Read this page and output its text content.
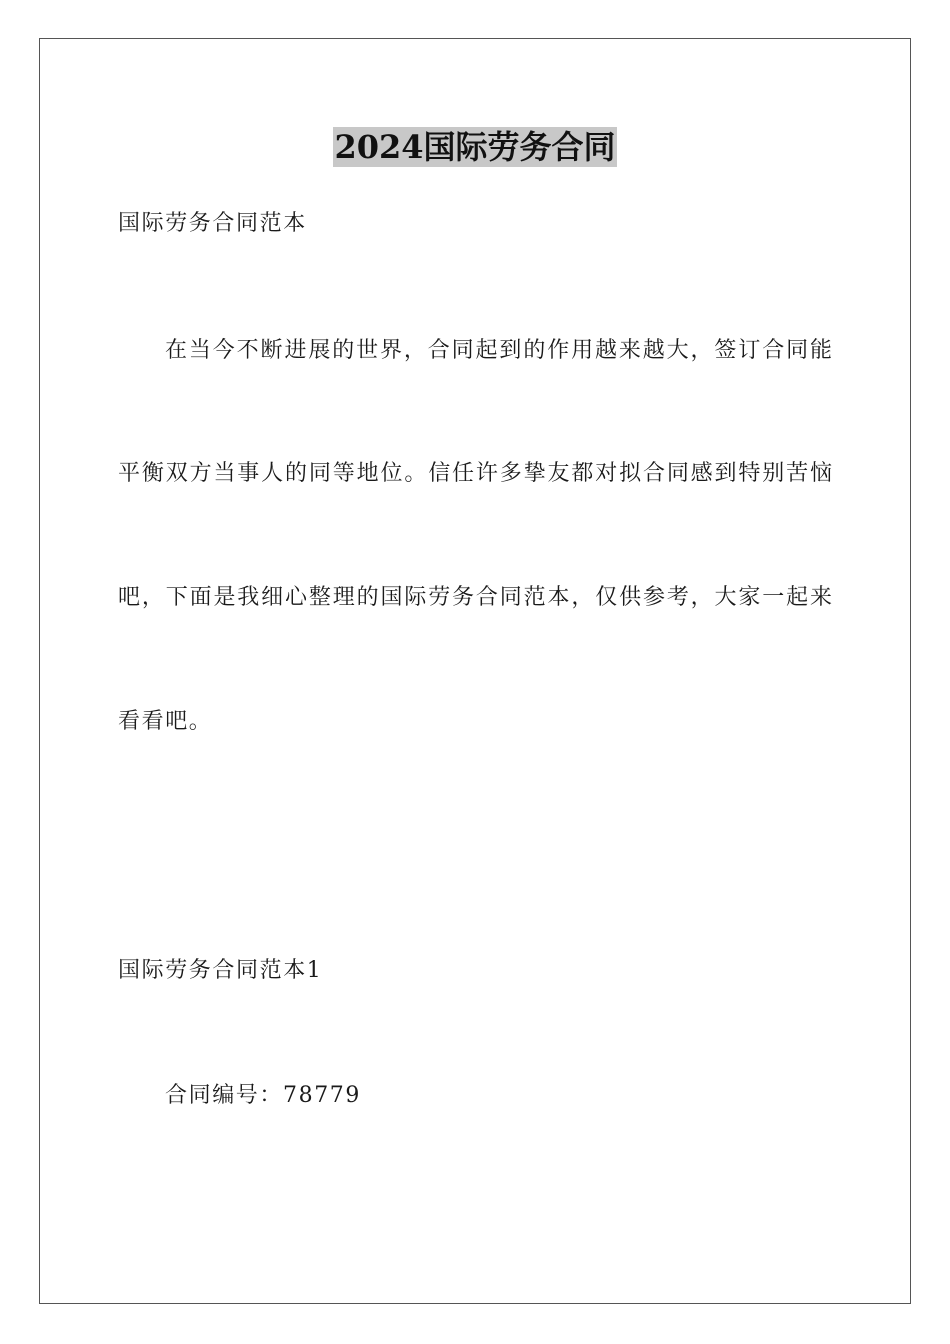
2024国际劳务合同
国际劳务合同范本
在当今不断进展的世界，合同起到的作用越来越大，签订合同能
平衡双方当事人的同等地位。信任许多挚友都对拟合同感到特别苦恼
吧，下面是我细心整理的国际劳务合同范本，仅供参考，大家一起来
看看吧。
国际劳务合同范本1
合同编号：78779
